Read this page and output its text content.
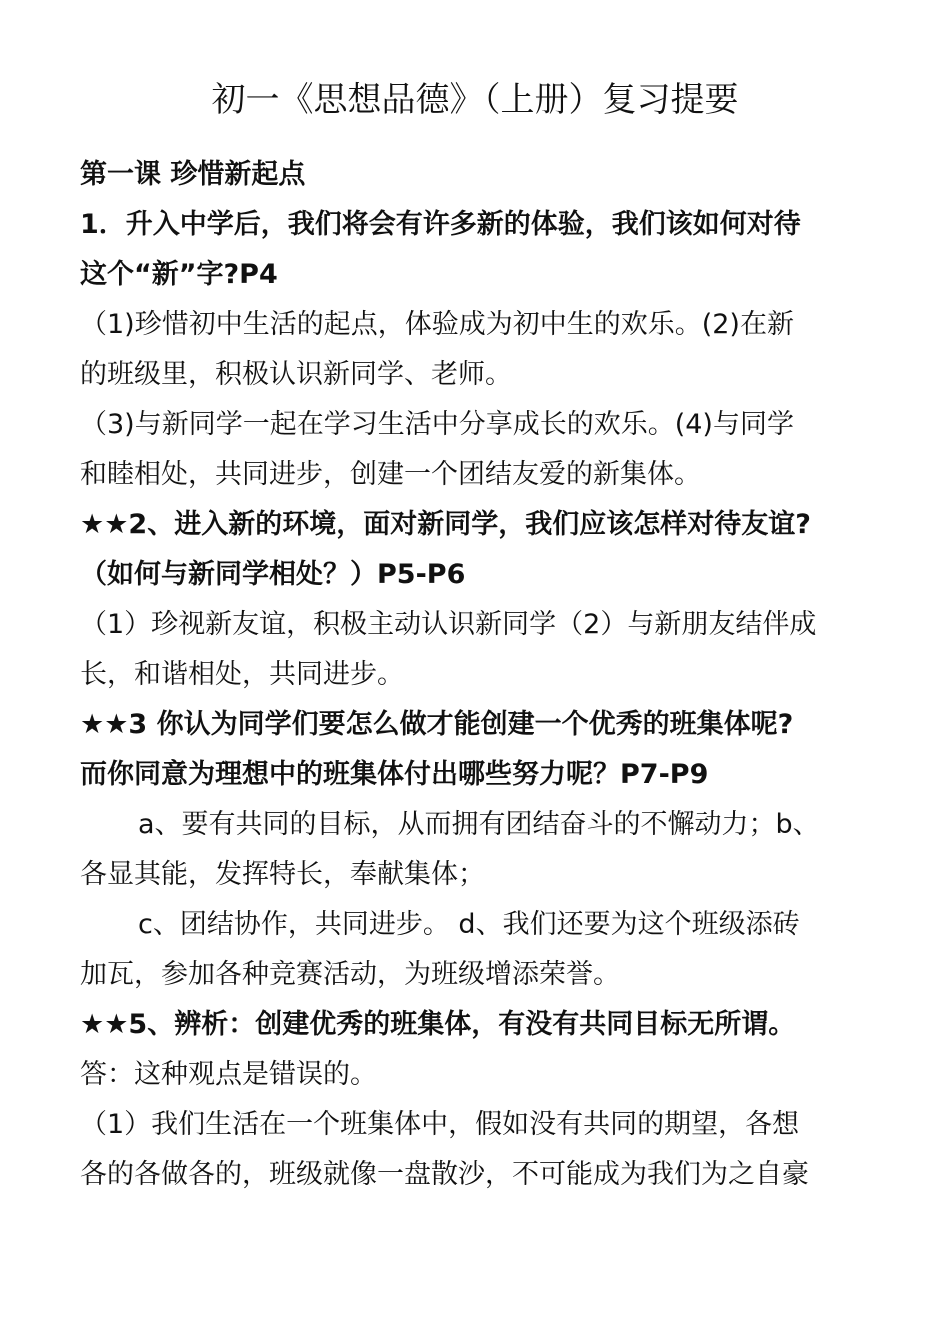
初一《思想品德》（上册）复习提要
第一课 珍惜新起点
1．升入中学后，我们将会有许多新的体验，我们该如何对待
这个“新”字?P4
（1)珍惜初中生活的起点，体验成为初中生的欢乐。(2)在新
的班级里，积极认识新同学、老师。
（3)与新同学一起在学习生活中分享成长的欢乐。(4)与同学
和睦相处，共同进步，创建一个团结友爱的新集体。
★★2、进入新的环境，面对新同学，我们应该怎样对待友谊?
（如何与新同学相处？）P5-P6
（1）珍视新友谊，积极主动认识新同学（2）与新朋友结伴成
长，和谐相处，共同进步。
★★3 你认为同学们要怎么做才能创建一个优秀的班集体呢?
而你同意为理想中的班集体付出哪些努力呢？P7-P9
a、要有共同的目标，从而拥有团结奋斗的不懈动力；b、
各显其能，发挥特长，奉献集体；
c、团结协作，共同进步。 d、我们还要为这个班级添砖
加瓦，参加各种竞赛活动，为班级增添荣誉。
★★5、辨析：创建优秀的班集体，有没有共同目标无所谓。
答：这种观点是错误的。
（1）我们生活在一个班集体中，假如没有共同的期望，各想
各的各做各的，班级就像一盘散沙，不可能成为我们为之自豪
